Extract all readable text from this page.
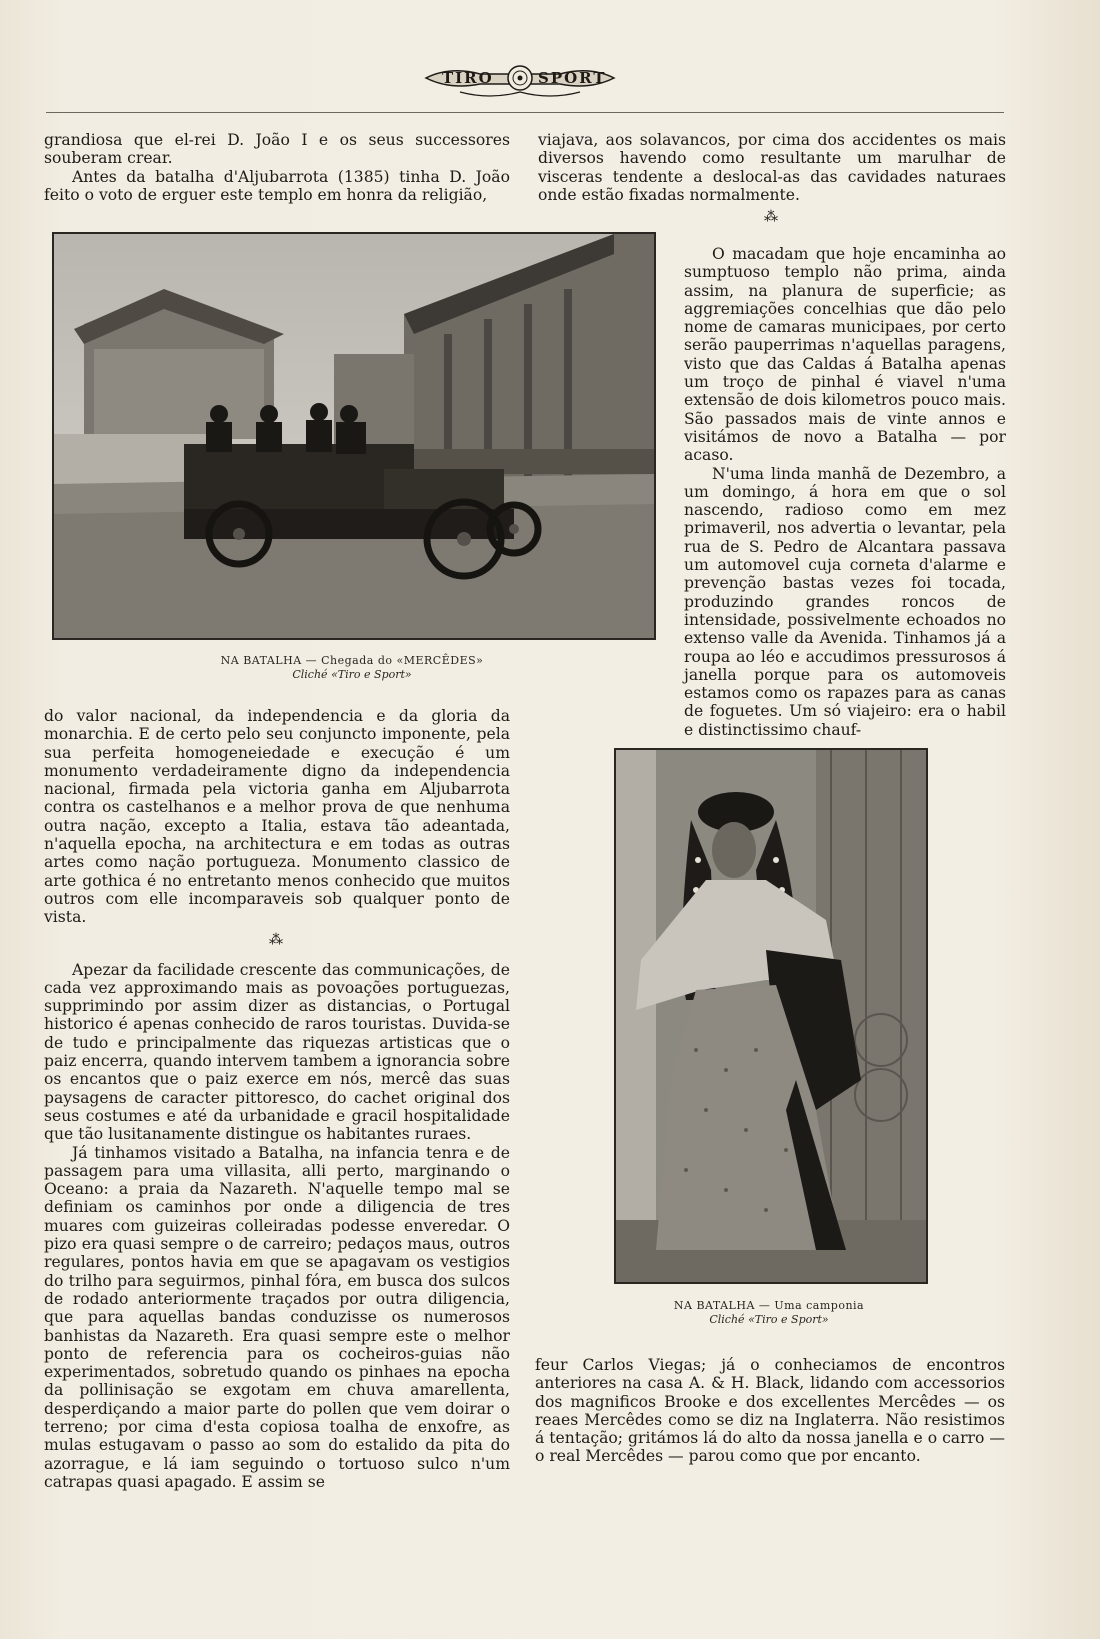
TIRO	SPORT

grandiosa que el-rei D. João I e os seus successores souberam crear.

Antes da batalha d'Aljubarrota (1385) tinha D. João feito o voto de erguer este templo em honra da religião,

NA BATALHA — Chegada do «MERCÊDES»
Cliché «Tiro e Sport»

do valor nacional, da independencia e da gloria da monarchia. E de certo pelo seu conjuncto imponente, pela sua perfeita homogeneiedade e execução é um monumento verdadeiramente digno da independencia nacional, firmada pela victoria ganha em Aljubarrota contra os castelhanos e a melhor prova de que nenhuma outra nação, excepto a Italia, estava tão adeantada, n'aquella epocha, na architectura e em todas as outras artes como nação portugueza. Monumento classico de arte gothica é no entretanto menos conhecido que muitos outros com elle incomparaveis sob qualquer ponto de vista.

⁂

Apezar da facilidade crescente das communicações, de cada vez approximando mais as povoações portuguezas, supprimindo por assim dizer as distancias, o Portugal historico é apenas conhecido de raros touristas. Duvida-se de tudo e principalmente das riquezas artisticas que o paiz encerra, quando intervem tambem a ignorancia sobre os encantos que o paiz exerce em nós, mercê das suas paysagens de caracter pittoresco, do cachet original dos seus costumes e até da urbanidade e gracil hospitalidade que tão lusitanamente distingue os habitantes ruraes.

Já tinhamos visitado a Batalha, na infancia tenra e de passagem para uma villasita, alli perto, marginando o Oceano: a praia da Nazareth. N'aquelle tempo mal se definiam os caminhos por onde a diligencia de tres muares com guizeiras colleiradas podesse enveredar. O pizo era quasi sempre o de carreiro; pedaços maus, outros regulares, pontos havia em que se apagavam os vestigios do trilho para seguirmos, pinhal fóra, em busca dos sulcos de rodado anteriormente traçados por outra diligencia, que para aquellas bandas conduzisse os numerosos banhistas da Nazareth. Era quasi sempre este o melhor ponto de referencia para os cocheiros-guias não experimentados, sobretudo quando os pinhaes na epocha da pollinisação se exgotam em chuva amarellenta, desperdiçando a maior parte do pollen que vem doirar o terreno; por cima d'esta copiosa toalha de enxofre, as mulas estugavam o passo ao som do estalido da pita do azorrague, e lá iam seguindo o tortuoso sulco n'um catrapas quasi apagado. E assim se

viajava, aos solavancos, por cima dos accidentes os mais diversos havendo como resultante um marulhar de visceras tendente a deslocal-as das cavidades naturaes onde estão fixadas normalmente.

⁂

O macadam que hoje encaminha ao sumptuoso templo não prima, ainda assim, na planura de superficie; as aggremiações concelhias que dão pelo nome de camaras municipaes, por certo serão pauperrimas n'aquellas paragens, visto que das Caldas á Batalha apenas um troço de pinhal é viavel n'uma extensão de dois kilometros pouco mais. São passados mais de vinte annos e visitámos de novo a Batalha — por acaso.

N'uma linda manhã de Dezembro, a um domingo, á hora em que o sol nascendo, radioso como em mez primaveril, nos advertia o levantar, pela rua de S. Pedro de Alcantara passava um automovel cuja corneta d'alarme e prevenção bastas vezes foi tocada, produzindo grandes roncos de intensidade, possivelmente echoados no extenso valle da Avenida. Tinhamos já a roupa ao léo e accudimos pressurosos á janella porque para os automoveis estamos como os rapazes para as canas de foguetes. Um só viajeiro: era o habil e distinctissimo chauf-

NA BATALHA — Uma camponia
Cliché «Tiro e Sport»

feur Carlos Viegas; já o conheciamos de encontros anteriores na casa A. & H. Black, lidando com accessorios dos magnificos Brooke e dos excellentes Mercêdes — os reaes Mercêdes como se diz na Inglaterra. Não resistimos á tentação; gritámos lá do alto da nossa janella e o carro — o real Mercêdes — parou como que por encanto.
